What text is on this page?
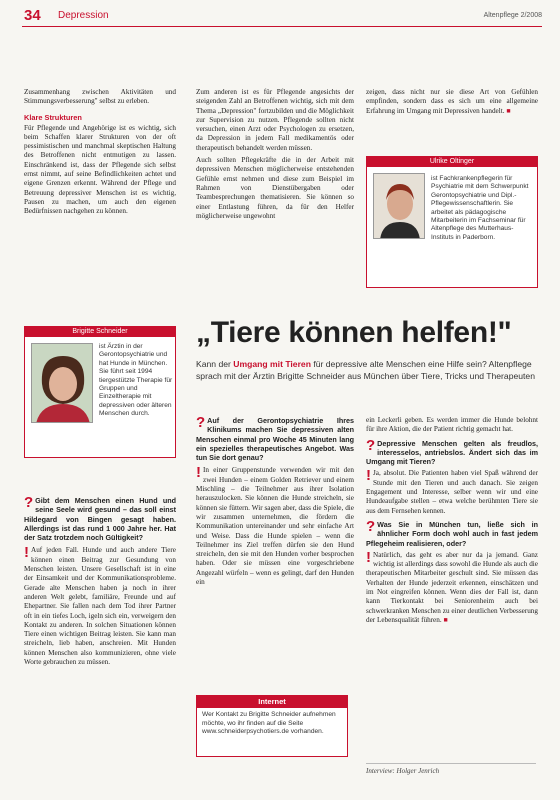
34 Depression	Altenpflege 2/2008

Zusammenhang zwischen Aktivitäten und Stimmungsverbesserung" selbst zu erleben.

Klare Strukturen

Für Pflegende und Angehörige ist es wichtig, sich beim Schaffen klarer Strukturen von der oft pessimistischen und manchmal skeptischen Haltung des Betroffenen nicht entmutigen zu lassen. Einschränkend ist, dass der Pflegende sich selbst ernst nimmt, auf seine Befindlichkeiten achtet und eigene Grenzen erkennt. Während der Pflege und Betreuung depressiver Menschen ist es wichtig, Pausen zu machen, um auch den eigenen Bedürfnissen nachgehen zu können.

Zum anderen ist es für Pflegende angesichts der steigenden Zahl an Betroffenen wichtig, sich mit dem Thema „Depression" fortzubilden und die Möglichkeit zur Supervision zu nutzen. Pflegende sollten nicht versuchen, einen Arzt oder Psychologen zu ersetzen, da Depression in jedem Fall medikamentös oder therapeutisch behandelt werden müssen.

Auch sollten Pflegekräfte die in der Arbeit mit depressiven Menschen möglicherweise entstehenden Gefühle ernst nehmen und diese zum Beispiel im Rahmen von Dienstübergaben oder Teambesprechungen thematisieren. Sie können so einer Entlastung führen, da für den Helfer möglicherweise ungewohnt

zeigen, dass nicht nur sie diese Art von Gefühlen empfinden, sondern dass es sich um eine allgemeine Erfahrung im Umgang mit Depressiven handelt. ■

Ulrike Oltinger
ist Fachkrankenpflegerin für Psychiatrie mit dem Schwerpunkt Gerontopsychiatrie und Dipl.-Pflegewissenschaftlerin. Sie arbeitet als pädagogische Mitarbeiterin im Fachseminar für Altenpflege des Mutterhaus-Instituts in Paderborn.
Brigitte Schneider
ist Ärztin in der Gerontopsychiatrie und hat Hunde in München. Sie führt seit 1994 tiergestützte Therapie für Gruppen und Einzeltherapie mit depressiven oder älteren Menschen durch.
„Tiere können helfen!"
Kann der Umgang mit Tieren für depressive alte Menschen eine Hilfe sein? Altenpflege sprach mit der Ärztin Brigitte Schneider aus München über Tiere, Tricks und Therapeuten
? Gibt dem Menschen einen Hund und seine Seele wird gesund – das soll einst Hildegard von Bingen gesagt haben. Allerdings ist das rund 1 000 Jahre her. Hat der Satz trotzdem noch Gültigkeit?

! Auf jeden Fall. Hunde und auch andere Tiere können einen Beitrag zur Gesundung von Menschen leisten. Unsere Gesellschaft ist in eine der Einsamkeit und der Kommunikationsprobleme. Gerade alte Menschen haben ja noch in ihrer anderen Welt gelebt, familiäre, Freunde und auf Ehepartner. Sie fallen nach dem Tod ihrer Partner oft in ein tiefes Loch, igeln sich ein, verweigern den Kontakt zu anderen. In solchen Situationen können Tiere einen wichtigen Beitrag leisten. Sie kann man streicheln, lieb haben, anschreien. Mit Hunden können Menschen also kommunizieren, ohne viele Worte gebrauchen zu müssen.

? Auf der Gerontopsychiatrie Ihres Klinikums machen Sie depressiven alten Menschen einmal pro Woche 45 Minuten lang ein spezielles therapeutisches Angebot. Was tun Sie dort genau?

! In einer Gruppenstunde verwenden wir mit den zwei Hunden – einem Golden Retriever und einem Mischling – die Teilnehmer aus ihrer Isolation herauszulocken. Sie können die Hunde streicheln, sie können sie füttern. Wir sagen aber, dass die Spiele, die wir zusammen unternehmen, die fördern die Kommunikation untereinander und sehr einfache Art und Weise. Dass die Hunde spielen – wenn die Teilnehmer ins Ziel treffen dürfen sie den Hund streicheln, den sie mit den Hunden vorher besprochen haben. Oder sie müssen eine vorgeschriebene Angezahl würfeln – wenn es gelingt, darf den Hunden ein

ein Leckerli geben. Es werden immer die Hunde belohnt für ihre Aktion, die der Patient richtig gemacht hat.

? Depressive Menschen gelten als freudlos, interesselos, antriebslos. Ändert sich das im Umgang mit Tieren?

! Ja, absolut. Die Patienten haben viel Spaß während der Stunde mit den Tieren und auch danach. Sie zeigen Engagement und Interesse, selber wenn wir und eine Hundeaufgabe stellen – etwa welche berühmten Tiere sie aus dem Fernsehen kennen.

? Was Sie in München tun, ließe sich in ähnlicher Form doch wohl auch in fast jedem Pflegeheim realisieren, oder?

! Natürlich, das geht es aber nur da ja jemand. Ganz wichtig ist allerdings dass sowohl die Hunde als auch die therapeutischen Mitarbeiter geschult sind. Sie müssen das Verhalten der Hunde jederzeit erkennen, einschätzen und im Not eingreifen können. Wenn dies der Fall ist, dann kann Tierkontakt bei Seniorenheim auch bei schwerkranken Menschen zu einer deutlichen Verbesserung der Lebensqualität führen. ■

Internet
Wer Kontakt zu Brigitte Schneider aufnehmen möchte, wo ihr finden auf die Seite www.schneiderpsychotiers.de vorhanden.
Interview: Holger Jenrich
